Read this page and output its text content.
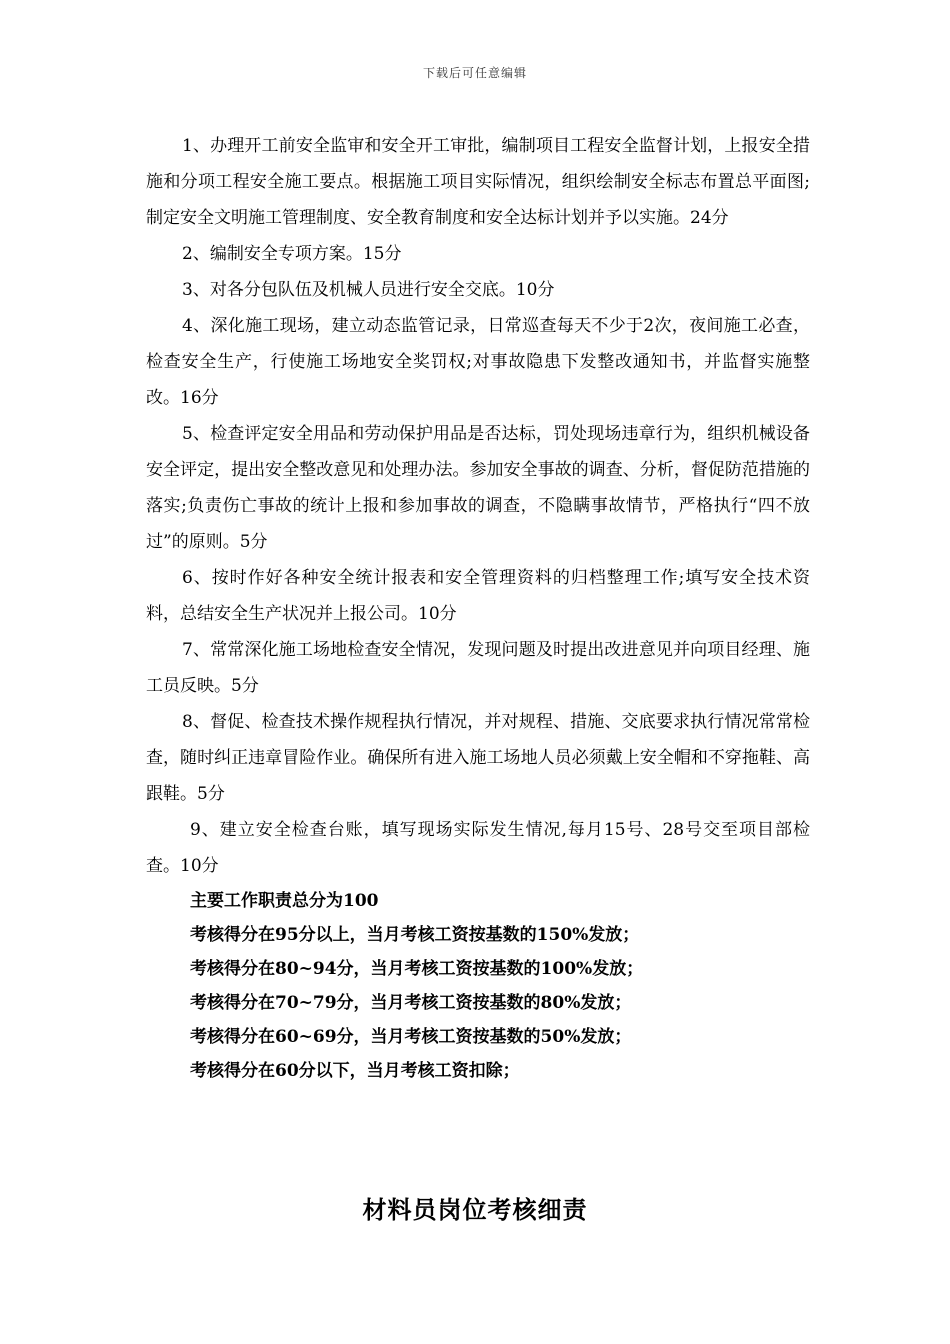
下载后可任意编辑

1、办理开工前安全监审和安全开工审批，编制项目工程安全监督计划，上报安全措施和分项工程安全施工要点。根据施工项目实际情况，组织绘制安全标志布置总平面图;制定安全文明施工管理制度、安全教育制度和安全达标计划并予以实施。24分

2、编制安全专项方案。15分

3、对各分包队伍及机械人员进行安全交底。10分

4、深化施工现场，建立动态监管记录，日常巡查每天不少于2次，夜间施工必查，检查安全生产，行使施工场地安全奖罚权;对事故隐患下发整改通知书，并监督实施整改。16分

5、检查评定安全用品和劳动保护用品是否达标，罚处现场违章行为，组织机械设备安全评定，提出安全整改意见和处理办法。参加安全事故的调查、分析，督促防范措施的落实;负责伤亡事故的统计上报和参加事故的调查，不隐瞒事故情节，严格执行“四不放过”的原则。5分

6、按时作好各种安全统计报表和安全管理资料的归档整理工作;填写安全技术资料，总结安全生产状况并上报公司。10分

7、常常深化施工场地检查安全情况，发现问题及时提出改进意见并向项目经理、施工员反映。5分

8、督促、检查技术操作规程执行情况，并对规程、措施、交底要求执行情况常常检查，随时纠正违章冒险作业。确保所有进入施工场地人员必须戴上安全帽和不穿拖鞋、高跟鞋。5分

9、建立安全检查台账，填写现场实际发生情况,每月15号、28号交至项目部检查。10分

主要工作职责总分为100

考核得分在95分以上，当月考核工资按基数的150%发放；

考核得分在80~94分，当月考核工资按基数的100%发放；

考核得分在70~79分，当月考核工资按基数的80%发放；

考核得分在60~69分，当月考核工资按基数的50%发放；

考核得分在60分以下，当月考核工资扣除；

材料员岗位考核细责
